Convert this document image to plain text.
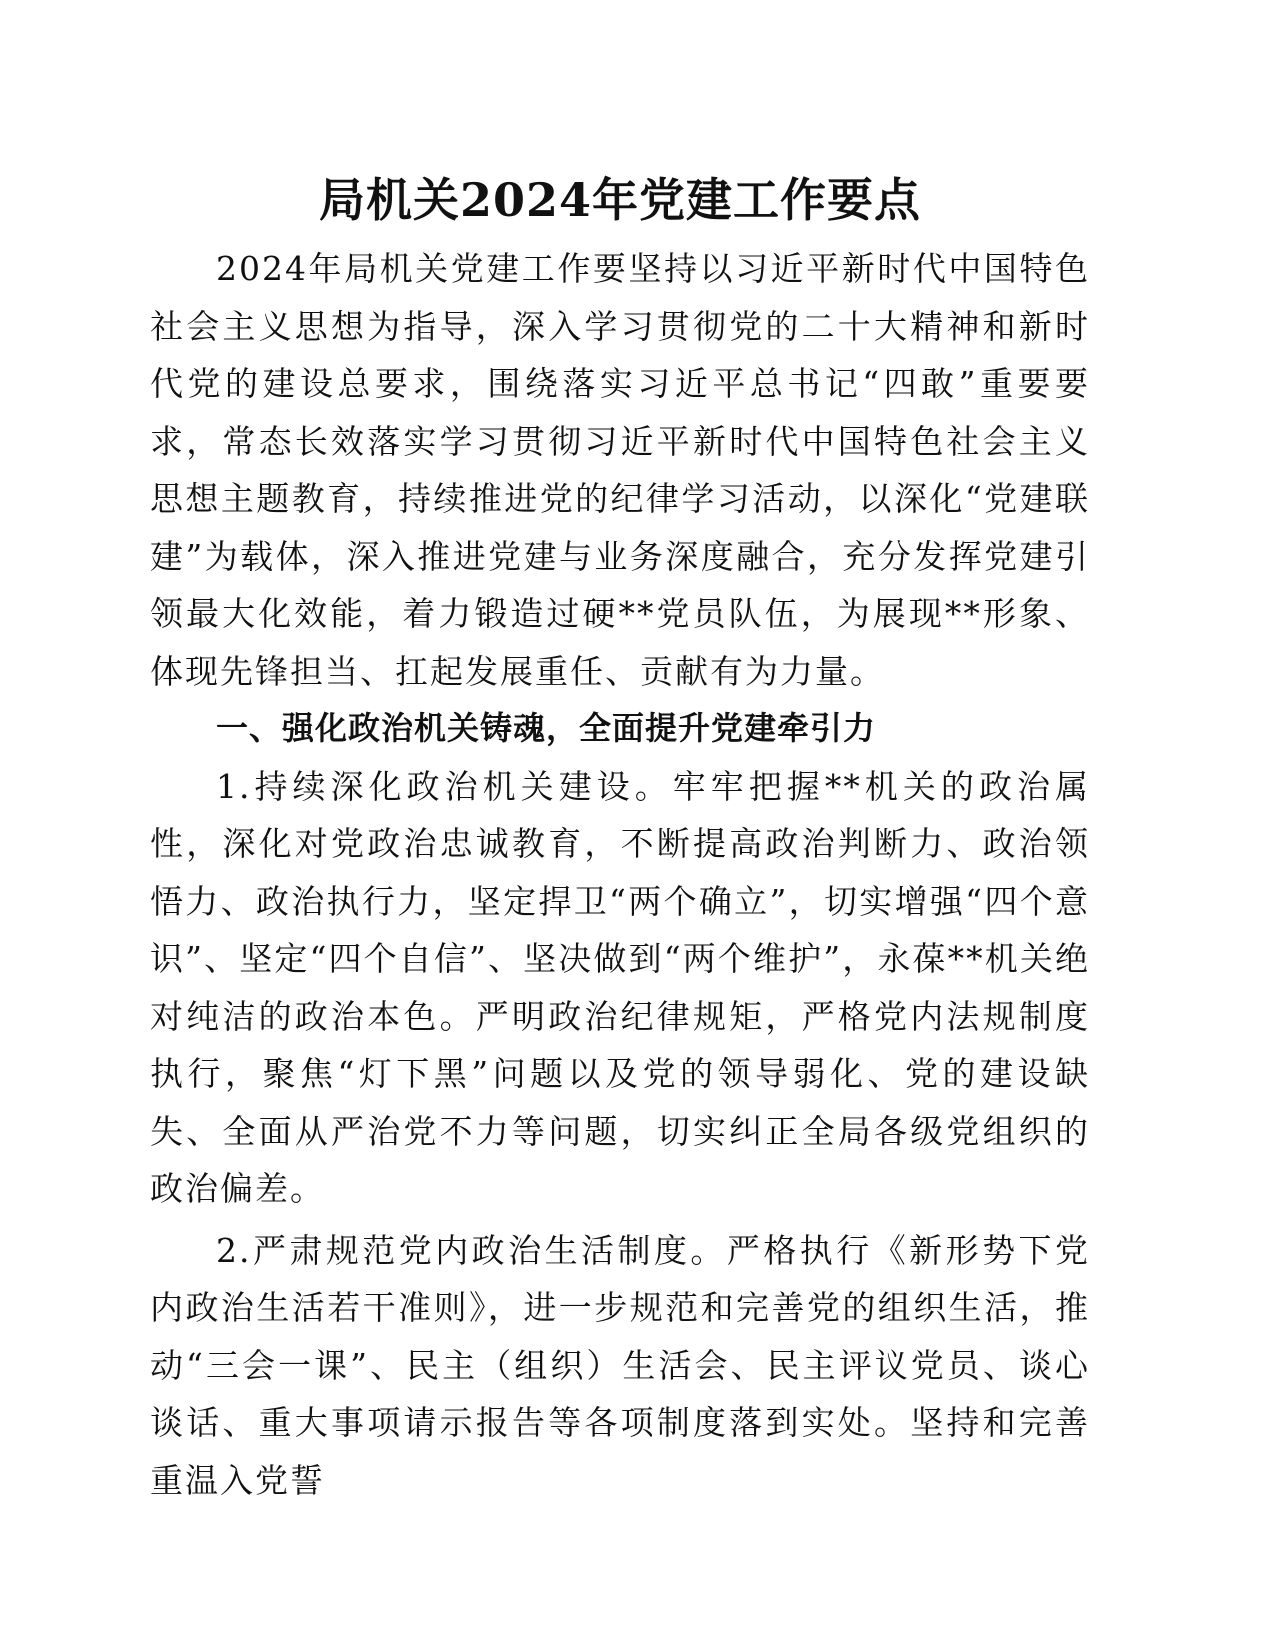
局机关2024年党建工作要点

2024年局机关党建工作要坚持以习近平新时代中国特色社会主义思想为指导，深入学习贯彻党的二十大精神和新时代党的建设总要求，围绕落实习近平总书记“四敢”重要要求，常态长效落实学习贯彻习近平新时代中国特色社会主义思想主题教育，持续推进党的纪律学习活动，以深化“党建联建”为载体，深入推进党建与业务深度融合，充分发挥党建引领最大化效能，着力锻造过硬**党员队伍，为展现**形象、体现先锋担当、扛起发展重任、贡献有为力量。

一、强化政治机关铸魂，全面提升党建牵引力

1.持续深化政治机关建设。牢牢把握**机关的政治属性，深化对党政治忠诚教育，不断提高政治判断力、政治领悟力、政治执行力，坚定捍卫“两个确立”，切实增强“四个意识”、坚定“四个自信”、坚决做到“两个维护”，永葆**机关绝对纯洁的政治本色。严明政治纪律规矩，严格党内法规制度执行，聚焦“灯下黑”问题以及党的领导弱化、党的建设缺失、全面从严治党不力等问题，切实纠正全局各级党组织的政治偏差。

2.严肃规范党内政治生活制度。严格执行《新形势下党内政治生活若干准则》，进一步规范和完善党的组织生活，推动“三会一课”、民主（组织）生活会、民主评议党员、谈心谈话、重大事项请示报告等各项制度落到实处。坚持和完善重温入党誓
